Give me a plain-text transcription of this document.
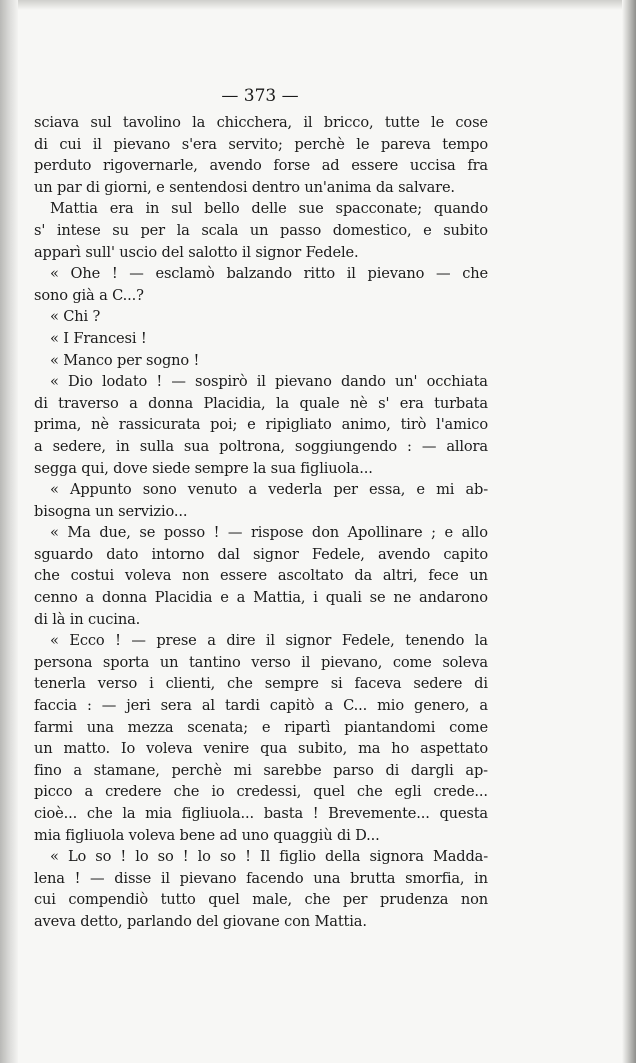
— 373 —
sciava sul tavolino la chicchera, il bricco, tutte le cose
di cui il pievano s'era servito; perchè le pareva tempo
perduto rigovernarle, avendo forse ad essere uccisa fra
un par di giorni, e sentendosi dentro un'anima da salvare.
Mattia era in sul bello delle sue spacconate; quando
s' intese su per la scala un passo domestico, e subito
apparì sull' uscio del salotto il signor Fedele.
« Ohe ! — esclamò balzando ritto il pievano — che
sono già a C...?
« Chi ?
« I Francesi !
« Manco per sogno !
« Dio lodato ! — sospirò il pievano dando un' occhiata
di traverso a donna Placidia, la quale nè s' era turbata
prima, nè rassicurata poi; e ripigliato animo, tirò l'amico
a sedere, in sulla sua poltrona, soggiungendo : — allora
segga qui, dove siede sempre la sua figliuola...
« Appunto sono venuto a vederla per essa, e mi ab-
bisogna un servizio...
« Ma due, se posso ! — rispose don Apollinare ; e allo
sguardo dato intorno dal signor Fedele, avendo capito
che costui voleva non essere ascoltato da altri, fece un
cenno a donna Placidia e a Mattia, i quali se ne andarono
di là in cucina.
« Ecco ! — prese a dire il signor Fedele, tenendo la
persona sporta un tantino verso il pievano, come soleva
tenerla verso i clienti, che sempre si faceva sedere di
faccia : — jeri sera al tardi capitò a C... mio genero, a
farmi una mezza scenata; e ripartì piantandomi come
un matto. Io voleva venire qua subito, ma ho aspettato
fino a stamane, perchè mi sarebbe parso di dargli ap-
picco a credere che io credessi, quel che egli crede...
cioè... che la mia figliuola... basta ! Brevemente... questa
mia figliuola voleva bene ad uno quaggiù di D...
« Lo so ! lo so ! lo so ! Il figlio della signora Madda-
lena ! — disse il pievano facendo una brutta smorfia, in
cui compendiò tutto quel male, che per prudenza non
aveva detto, parlando del giovane con Mattia.
